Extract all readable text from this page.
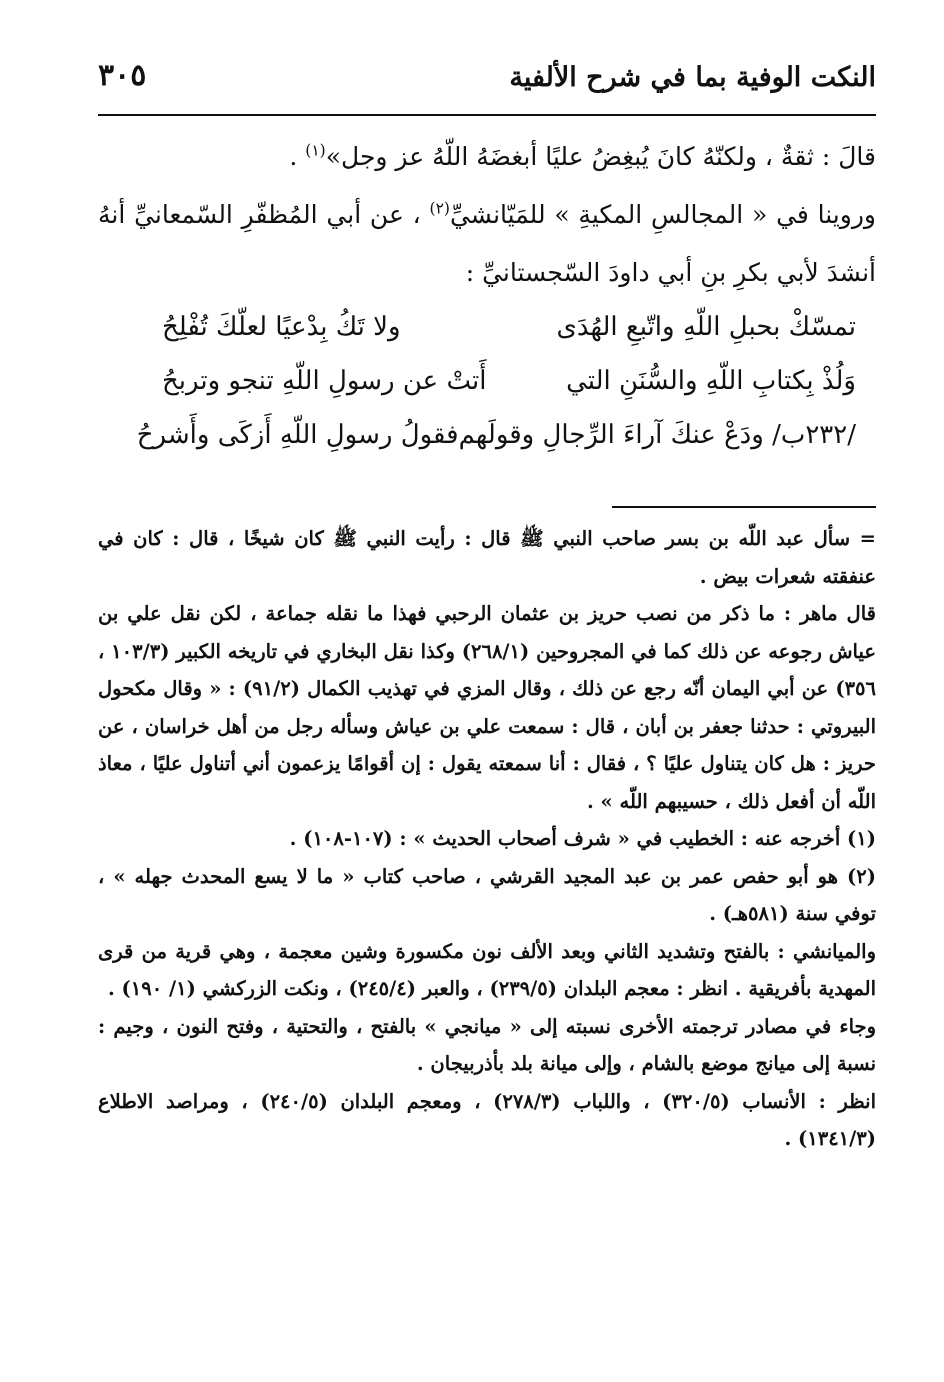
النكت الوفية بما في شرح الألفية
٣٠٥

قالَ : ثقةٌ ، ولكنّهُ كانَ يُبغِضُ عليًا أبغضَهُ اللّهُ عز وجل»$^{(١)}$ .

وروينا في « المجالسِ المكيةِ » للمَيّانشيِّ$^{(٢)}$ ، عن أبي المُظفّرِ السّمعانيِّ أنهُ أنشدَ لأبي بكرِ بنِ أبي داودَ السّجستانيِّ :

تمسّكْ بحبلِ اللّهِ واتّبعِ الهُدَى
ولا تَكُ بِدْعيًا لعلّكَ تُفْلِحُ
وَلُذْ بِكتابِ اللّهِ والسُّنَنِ التي
أَتتْ عن رسولِ اللّهِ تنجو وتربحُ
/٢٣٢ب/ ودَعْ عنكَ آراءَ الرِّجالِ وقولَهم
فقولُ رسولِ اللّهِ أَزكَى وأَشرحُ

= سأل عبد اللّه بن بسر صاحب النبي ﷺ قال : رأيت النبي ﷺ كان شيخًا ، قال : كان في عنفقته شعرات بيض .

قال ماهر : ما ذكر من نصب حريز بن عثمان الرحبي فهذا ما نقله جماعة ، لكن نقل علي بن عياش رجوعه عن ذلك كما في المجروحين (٢٦٨/١) وكذا نقل البخاري في تاريخه الكبير (١٠٣/٣ ، ٣٥٦) عن أبي اليمان أنّه رجع عن ذلك ، وقال المزي في تهذيب الكمال (٩١/٢) : « وقال مكحول البيروتي : حدثنا جعفر بن أبان ، قال : سمعت علي بن عياش وسأله رجل من أهل خراسان ، عن حريز : هل كان يتناول عليًا ؟ ، فقال : أنا سمعته يقول : إن أقوامًا يزعمون أني أتناول عليًا ، معاذ اللّه أن أفعل ذلك ، حسيبهم اللّه » .

(١) أخرجه عنه : الخطيب في « شرف أصحاب الحديث » : (١٠٧-١٠٨) .

(٢) هو أبو حفص عمر بن عبد المجيد القرشي ، صاحب كتاب « ما لا يسع المحدث جهله » ، توفي سنة (٥٨١هـ) .

والميانشي : بالفتح وتشديد الثاني وبعد الألف نون مكسورة وشين معجمة ، وهي قرية من قرى المهدية بأفريقية . انظر : معجم البلدان (٢٣٩/٥) ، والعبر (٢٤٥/٤) ، ونكت الزركشي (١/ ١٩٠) .

وجاء في مصادر ترجمته الأخرى نسبته إلى « ميانجي » بالفتح ، والتحتية ، وفتح النون ، وجيم : نسبة إلى ميانج موضع بالشام ، وإلى ميانة بلد بأذربيجان .

انظر : الأنساب (٣٢٠/٥) ، واللباب (٢٧٨/٣) ، ومعجم البلدان (٢٤٠/٥) ، ومراصد الاطلاع (١٣٤١/٣) .
